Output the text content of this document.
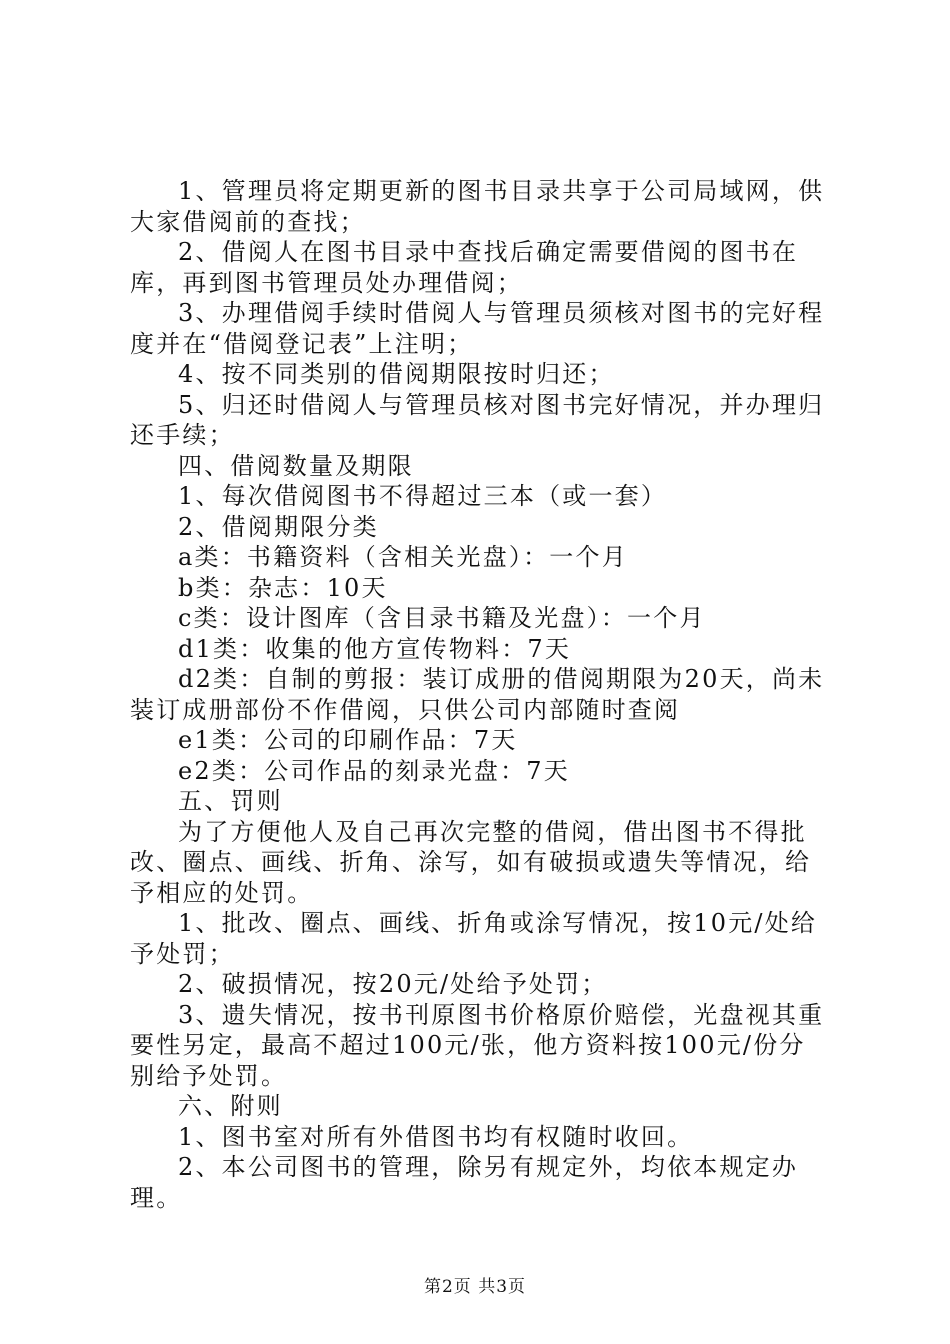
1、管理员将定期更新的图书目录共享于公司局域网，供大家借阅前的查找；

2、借阅人在图书目录中查找后确定需要借阅的图书在库，再到图书管理员处办理借阅；

3、办理借阅手续时借阅人与管理员须核对图书的完好程度并在“借阅登记表”上注明；

4、按不同类别的借阅期限按时归还；

5、归还时借阅人与管理员核对图书完好情况，并办理归还手续；

四、借阅数量及期限

1、每次借阅图书不得超过三本（或一套）

2、借阅期限分类

a类：书籍资料（含相关光盘）：一个月

b类：杂志：10天

c类：设计图库（含目录书籍及光盘）：一个月

d1类：收集的他方宣传物料：7天

d2类：自制的剪报：装订成册的借阅期限为20天，尚未装订成册部份不作借阅，只供公司内部随时查阅

e1类：公司的印刷作品：7天

e2类：公司作品的刻录光盘：7天

五、罚则

为了方便他人及自己再次完整的借阅，借出图书不得批改、圈点、画线、折角、涂写，如有破损或遗失等情况，给予相应的处罚。

1、批改、圈点、画线、折角或涂写情况，按10元/处给予处罚；

2、破损情况，按20元/处给予处罚；

3、遗失情况，按书刊原图书价格原价赔偿，光盘视其重要性另定，最高不超过100元/张，他方资料按100元/份分别给予处罚。

六、附则

1、图书室对所有外借图书均有权随时收回。

2、本公司图书的管理，除另有规定外，均依本规定办理。

第2页 共3页
